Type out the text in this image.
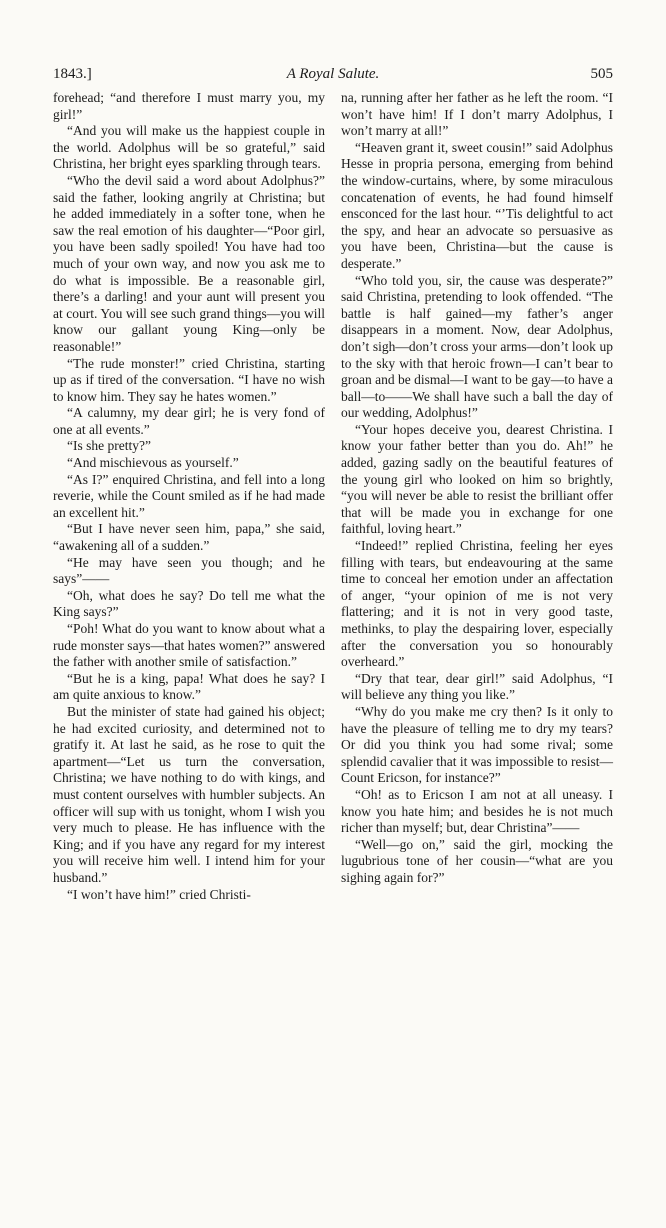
1843.]	A Royal Salute.	505

forehead; “and therefore I must marry you, my girl!”

“And you will make us the happiest couple in the world. Adolphus will be so grateful,” said Christina, her bright eyes sparkling through tears.

“Who the devil said a word about Adolphus?” said the father, looking angrily at Christina; but he added immediately in a softer tone, when he saw the real emotion of his daughter—“Poor girl, you have been sadly spoiled! You have had too much of your own way, and now you ask me to do what is impossible. Be a reasonable girl, there’s a darling! and your aunt will present you at court. You will see such grand things—you will know our gallant young King—only be reasonable!”

“The rude monster!” cried Christina, starting up as if tired of the conversation. “I have no wish to know him. They say he hates women.”

“A calumny, my dear girl; he is very fond of one at all events.”

“Is she pretty?”

“And mischievous as yourself.”

“As I?” enquired Christina, and fell into a long reverie, while the Count smiled as if he had made an excellent hit.”

“But I have never seen him, papa,” she said, “awakening all of a sudden.”

“He may have seen you though; and he says”——

“Oh, what does he say? Do tell me what the King says?”

“Poh! What do you want to know about what a rude monster says—that hates women?” answered the father with another smile of satisfaction.”

“But he is a king, papa! What does he say? I am quite anxious to know.”

But the minister of state had gained his object; he had excited curiosity, and determined not to gratify it. At last he said, as he rose to quit the apartment—“Let us turn the conversation, Christina; we have nothing to do with kings, and must content ourselves with humbler subjects. An officer will sup with us tonight, whom I wish you very much to please. He has influence with the King; and if you have any regard for my interest you will receive him well. I intend him for your husband.”

“I won’t have him!” cried Christi-

na, running after her father as he left the room. “I won’t have him! If I don’t marry Adolphus, I won’t marry at all!”

“Heaven grant it, sweet cousin!” said Adolphus Hesse in propria persona, emerging from behind the window-curtains, where, by some miraculous concatenation of events, he had found himself ensconced for the last hour. “’Tis delightful to act the spy, and hear an advocate so persuasive as you have been, Christina—but the cause is desperate.”

“Who told you, sir, the cause was desperate?” said Christina, pretending to look offended. “The battle is half gained—my father’s anger disappears in a moment. Now, dear Adolphus, don’t sigh—don’t cross your arms—don’t look up to the sky with that heroic frown—I can’t bear to groan and be dismal—I want to be gay—to have a ball—to——We shall have such a ball the day of our wedding, Adolphus!”

“Your hopes deceive you, dearest Christina. I know your father better than you do. Ah!” he added, gazing sadly on the beautiful features of the young girl who looked on him so brightly, “you will never be able to resist the brilliant offer that will be made you in exchange for one faithful, loving heart.”

“Indeed!” replied Christina, feeling her eyes filling with tears, but endeavouring at the same time to conceal her emotion under an affectation of anger, “your opinion of me is not very flattering; and it is not in very good taste, methinks, to play the despairing lover, especially after the conversation you so honourably overheard.”

“Dry that tear, dear girl!” said Adolphus, “I will believe any thing you like.”

“Why do you make me cry then? Is it only to have the pleasure of telling me to dry my tears? Or did you think you had some rival; some splendid cavalier that it was impossible to resist—Count Ericson, for instance?”

“Oh! as to Ericson I am not at all uneasy. I know you hate him; and besides he is not much richer than myself; but, dear Christina”——

“Well—go on,” said the girl, mocking the lugubrious tone of her cousin—“what are you sighing again for?”
